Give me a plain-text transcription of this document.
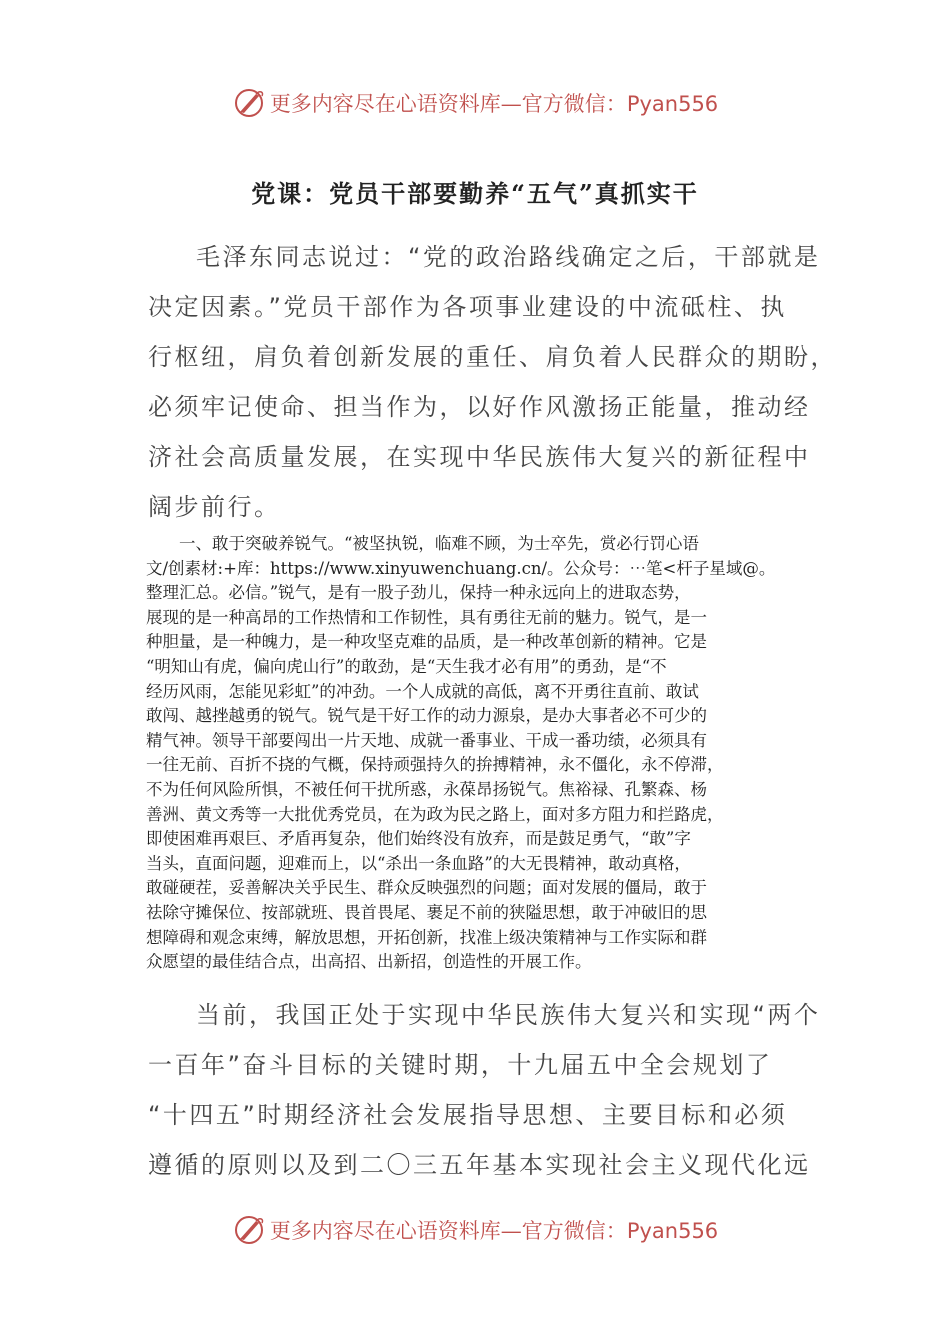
更多内容尽在心语资料库—官方微信：Pyan556
党课：党员干部要勤养“五气”真抓实干
毛泽东同志说过：“党的政治路线确定之后，干部就是
决定因素。”党员干部作为各项事业建设的中流砥柱、执
行枢纽，肩负着创新发展的重任、肩负着人民群众的期盼，
必须牢记使命、担当作为，以好作风激扬正能量，推动经
济社会高质量发展，在实现中华民族伟大复兴的新征程中
阔步前行。
一、敢于突破养锐气。“被坚执锐，临难不顾，为士卒先，赏必行罚心语
文/创素材:+库：https://www.xinyuwenchuang.cn/。公众号：⋯笔<杆子星域@。
整理汇总。必信。”锐气，是有一股子劲儿，保持一种永远向上的进取态势，
展现的是一种高昂的工作热情和工作韧性，具有勇往无前的魅力。锐气，是一
种胆量，是一种魄力，是一种攻坚克难的品质，是一种改革创新的精神。它是
“明知山有虎，偏向虎山行”的敢劲，是“天生我才必有用”的勇劲，是“不
经历风雨，怎能见彩虹”的冲劲。一个人成就的高低，离不开勇往直前、敢试
敢闯、越挫越勇的锐气。锐气是干好工作的动力源泉，是办大事者必不可少的
精气神。领导干部要闯出一片天地、成就一番事业、干成一番功绩，必须具有
一往无前、百折不挠的气概，保持顽强持久的拚搏精神，永不僵化，永不停滞，
不为任何风险所惧，不被任何干扰所惑，永葆昂扬锐气。焦裕禄、孔繁森、杨
善洲、黄文秀等一大批优秀党员，在为政为民之路上，面对多方阻力和拦路虎，
即使困难再艰巨、矛盾再复杂，他们始终没有放弃，而是鼓足勇气，“敢”字
当头，直面问题，迎难而上，以“杀出一条血路”的大无畏精神，敢动真格，
敢碰硬茬，妥善解决关乎民生、群众反映强烈的问题；面对发展的僵局，敢于
祛除守摊保位、按部就班、畏首畏尾、裹足不前的狭隘思想，敢于冲破旧的思
想障碍和观念束缚，解放思想，开拓创新，找准上级决策精神与工作实际和群
众愿望的最佳结合点，出高招、出新招，创造性的开展工作。
当前，我国正处于实现中华民族伟大复兴和实现“两个
一百年”奋斗目标的关键时期，十九届五中全会规划了
“十四五”时期经济社会发展指导思想、主要目标和必须
遵循的原则以及到二〇三五年基本实现社会主义现代化远
更多内容尽在心语资料库—官方微信：Pyan556
